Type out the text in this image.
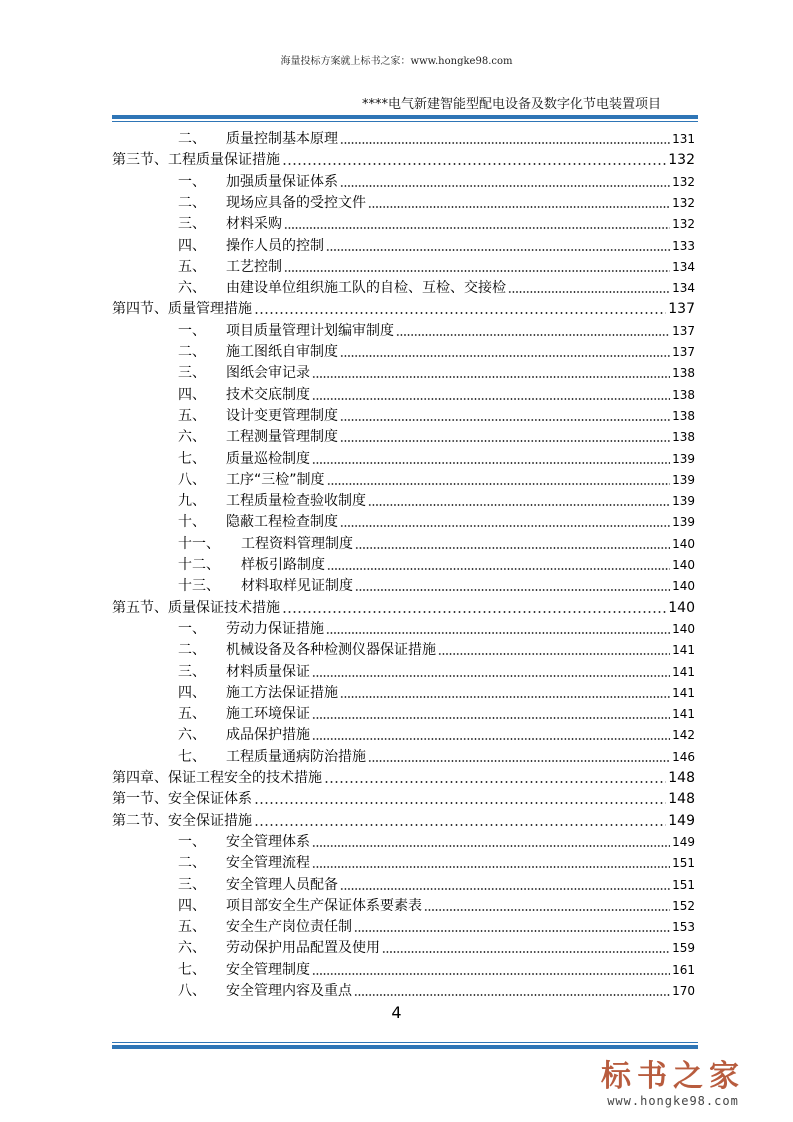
海量投标方案就上标书之家：www.hongke98.com
****电气新建智能型配电设备及数字化节电装置项目
二、	质量控制基本原理	131
第三节、工程质量保证措施	132
一、	加强质量保证体系	132
二、	现场应具备的受控文件	132
三、	材料采购	132
四、	操作人员的控制	133
五、	工艺控制	134
六、	由建设单位组织施工队的自检、互检、交接检	134
第四节、质量管理措施	137
一、	项目质量管理计划编审制度	137
二、	施工图纸自审制度	137
三、	图纸会审记录	138
四、	技术交底制度	138
五、	设计变更管理制度	138
六、	工程测量管理制度	138
七、	质量巡检制度	139
八、	工序“三检”制度	139
九、	工程质量检查验收制度	139
十、	隐蔽工程检查制度	139
十一、	工程资料管理制度	140
十二、	样板引路制度	140
十三、	材料取样见证制度	140
第五节、质量保证技术措施	140
一、	劳动力保证措施	140
二、	机械设备及各种检测仪器保证措施	141
三、	材料质量保证	141
四、	施工方法保证措施	141
五、	施工环境保证	141
六、	成品保护措施	142
七、	工程质量通病防治措施	146
第四章、保证工程安全的技术措施	148
第一节、安全保证体系	148
第二节、安全保证措施	149
一、	安全管理体系	149
二、	安全管理流程	151
三、	安全管理人员配备	151
四、	项目部安全生产保证体系要素表	152
五、	安全生产岗位责任制	153
六、	劳动保护用品配置及使用	159
七、	安全管理制度	161
八、	安全管理内容及重点	170
4
标书之家
www.hongke98.com
